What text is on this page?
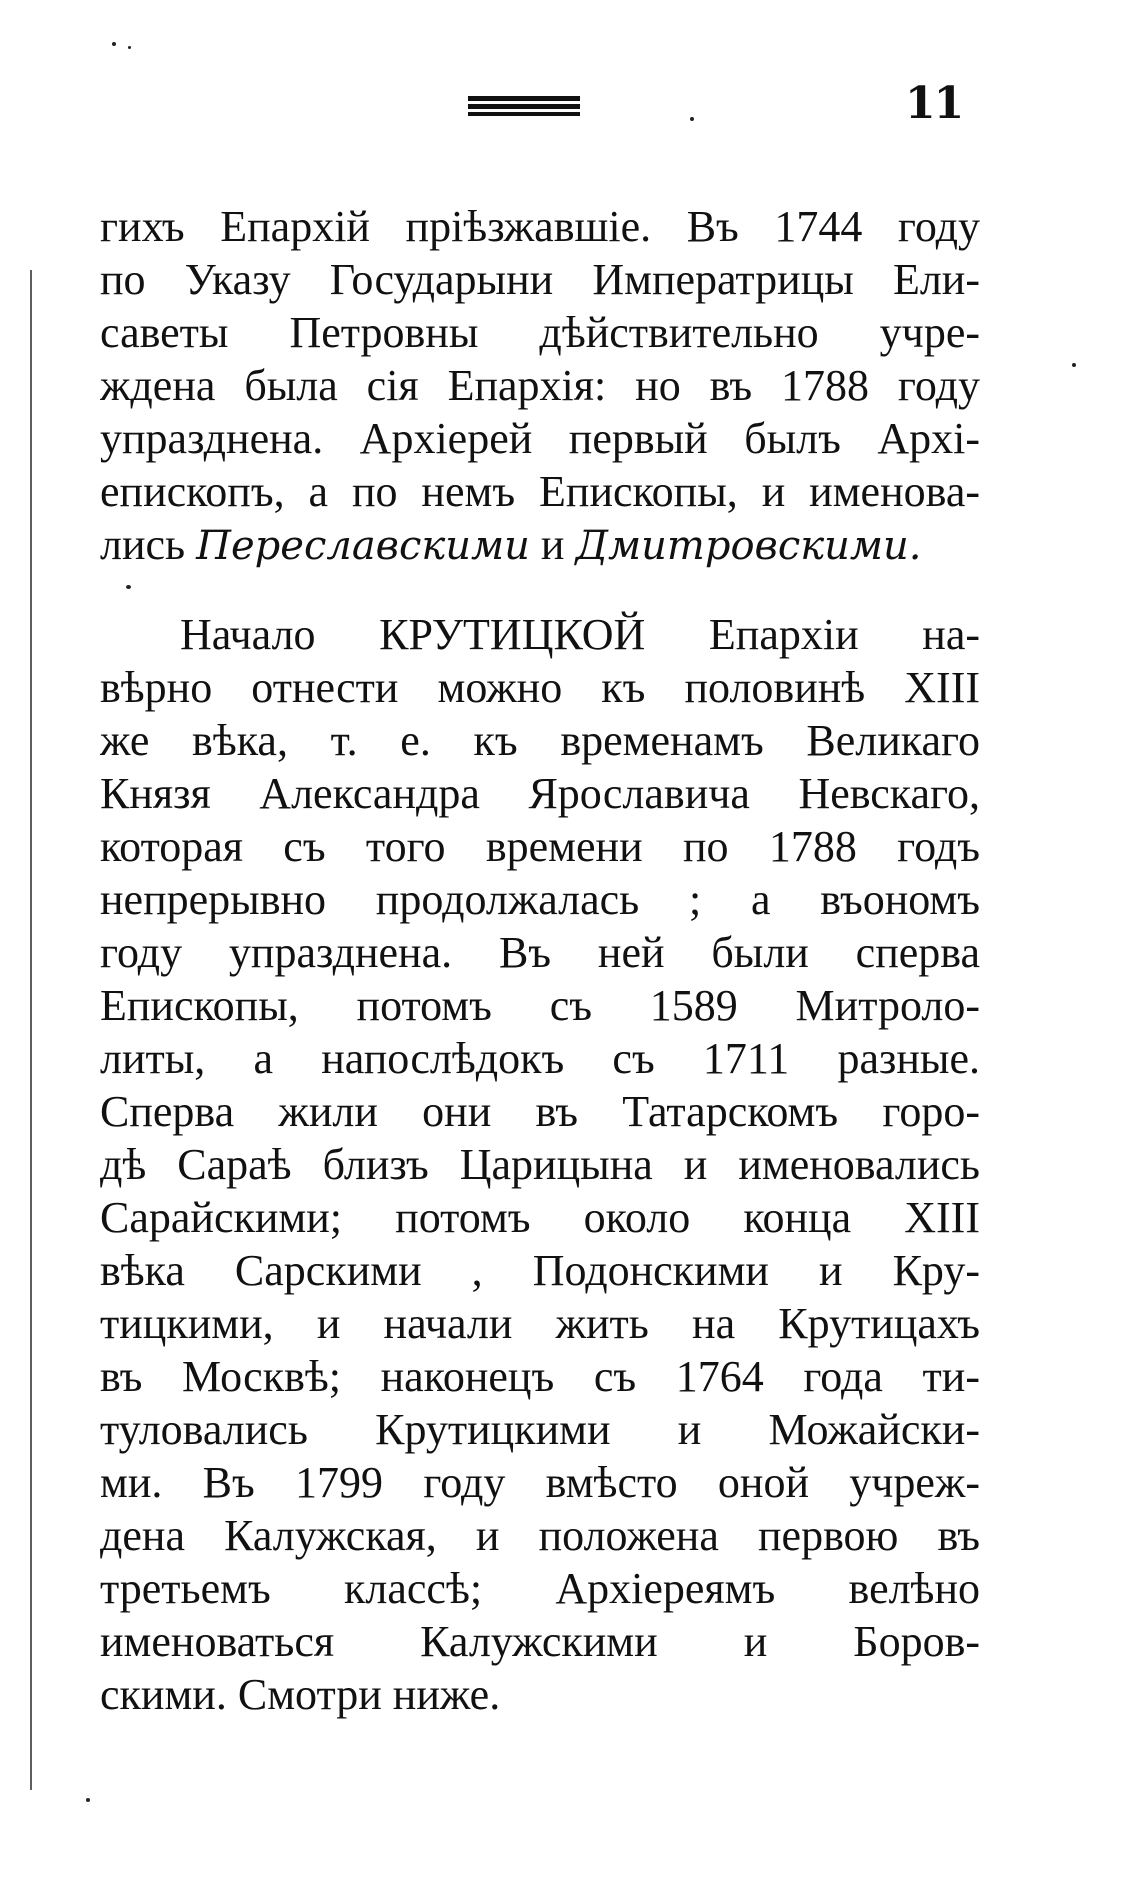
11
гихъ Епархій пріѣзжавшіе. Въ 1744 году
по Указу Государыни Императрицы Ели-
саветы Петровны дѣйствительно учре-
ждена была сія Епархія: но въ 1788 году
упразднена. Архіерей первый былъ Архі-
епископъ, а по немъ Епископы, и именова-
лись Переславскими и Дмитровскими.
Начало КРУТИЦКОЙ Епархіи на-
вѣрно отнести можно къ половинѣ XIII
же вѣка, т. е. къ временамъ Великаго
Князя Александра Ярославича Невскаго,
которая съ того времени по 1788 годъ
непрерывно продолжалась ; а въономъ
году упразднена. Въ ней были сперва
Епископы, потомъ съ 1589 Митроло-
литы, а напослѣдокъ съ 1711 разные.
Сперва жили они въ Татарскомъ горо-
дѣ Сараѣ близъ Царицына и именовались
Сарайскими; потомъ около конца XIII
вѣка Сарскими , Подонскими и Кру-
тицкими, и начали жить на Крутицахъ
въ Москвѣ; наконецъ съ 1764 года ти-
туловались Крутицкими и Можайски-
ми. Въ 1799 году вмѣсто оной учреж-
дена Калужская, и положена первою въ
третьемъ классѣ; Архіереямъ велѣно
именоваться Калужскими и Боров-
скими. Смотри ниже.
